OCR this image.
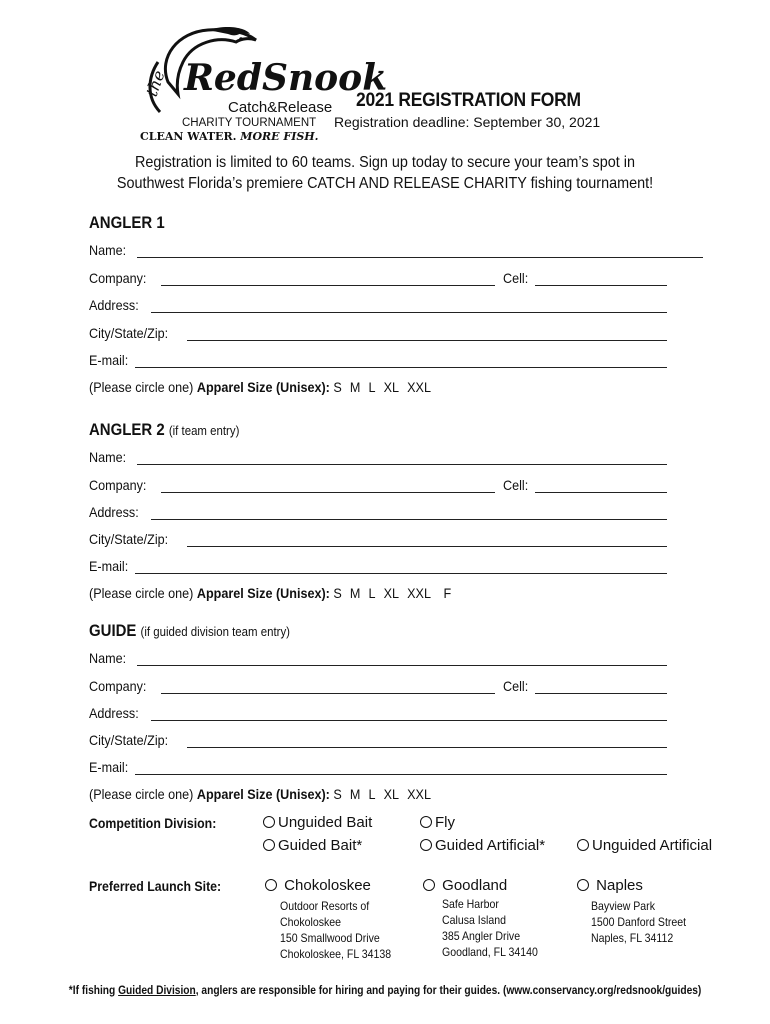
the RedSnook
Catch&Release
CHARITY TOURNAMENT
CLEAN WATER. MORE FISH.
2021 REGISTRATION FORM
Registration deadline: September 30, 2021
Registration is limited to 60 teams. Sign up today to secure your team’s spot in
Southwest Florida’s premiere CATCH AND RELEASE CHARITY fishing tournament!
ANGLER 1
Name:
Company:	Cell:
Address:
City/State/Zip:
E-mail:
(Please circle one) Apparel Size (Unisex): S M L XL XXL
ANGLER 2 (if team entry)
Name:
Company:	Cell:
Address:
City/State/Zip:
E-mail:
(Please circle one) Apparel Size (Unisex): S M L XL XXL F
GUIDE (if guided division team entry)
Name:
Company:	Cell:
Address:
City/State/Zip:
E-mail:
(Please circle one) Apparel Size (Unisex): S M L XL XXL
Competition Division:	Unguided Bait	Fly
Guided Bait*	Guided Artificial*	Unguided Artificial
Preferred Launch Site:	Chokoloskee
Outdoor Resorts of
Chokoloskee
150 Smallwood Drive
Chokoloskee, FL 34138
Goodland
Safe Harbor
Calusa Island
385 Angler Drive
Goodland, FL 34140
Naples
Bayview Park
1500 Danford Street
Naples, FL 34112
*If fishing Guided Division, anglers are responsible for hiring and paying for their guides. (www.conservancy.org/redsnook/guides)
